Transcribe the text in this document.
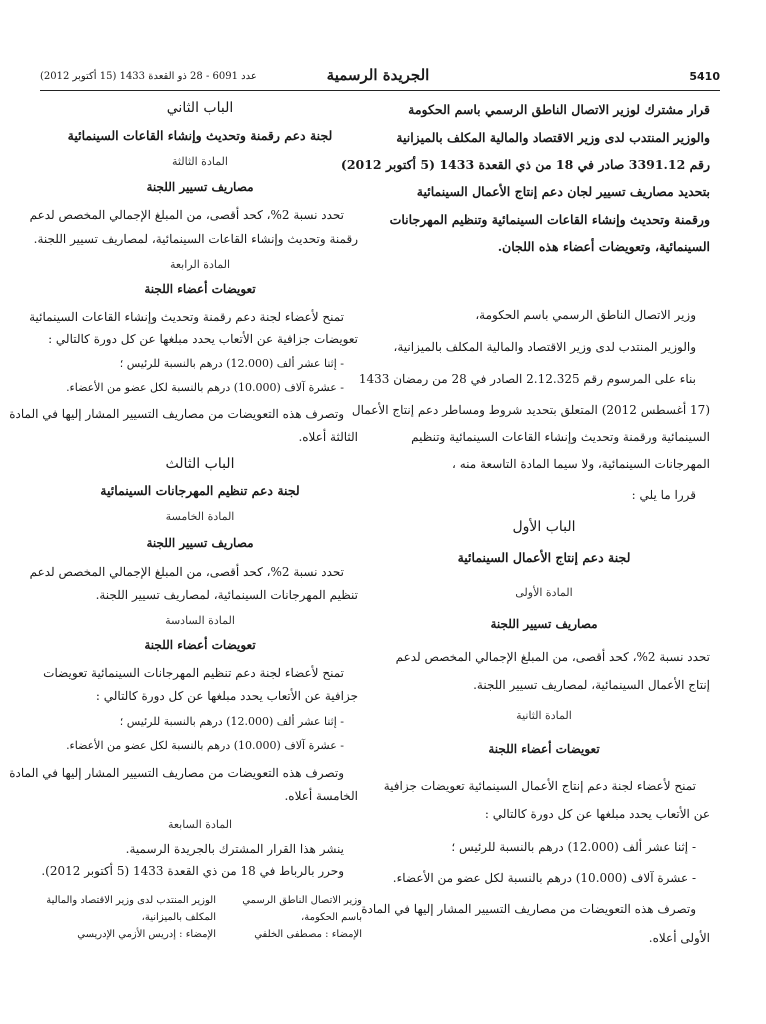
5410
الجريدة الرسمية
عدد 6091 - 28 ذو القعدة 1433 (15 أكتوبر 2012)
قرار مشترك لوزير الاتصال الناطق الرسمي باسم الحكومة
والوزير المنتدب لدى وزير الاقتصاد والمالية المكلف بالميزانية
رقم 3391.12 صادر في 18 من ذي القعدة 1433 (5 أكتوبر 2012)
بتحديد مصاريف تسيير لجان دعم إنتاج الأعمال السينمائية
ورقمنة وتحديث وإنشاء القاعات السينمائية وتنظيم المهرجانات
السينمائية، وتعويضات أعضاء هذه اللجان.
وزير الاتصال الناطق الرسمي باسم الحكومة،
والوزير المنتدب لدى وزير الاقتصاد والمالية المكلف بالميزانية،
بناء على المرسوم رقم 2.12.325 الصادر في 28 من رمضان 1433
(17 أغسطس 2012) المتعلق بتحديد شروط ومساطر دعم إنتاج الأعمال
السينمائية ورقمنة وتحديث وإنشاء القاعات السينمائية وتنظيم
المهرجانات السينمائية، ولا سيما المادة التاسعة منه ،
قررا ما يلي :
الباب الأول
لجنة دعم إنتاج الأعمال السينمائية
المادة الأولى
مصاريف تسيير اللجنة
تحدد نسبة 2%، كحد أقصى، من المبلغ الإجمالي المخصص لدعم
إنتاج الأعمال السينمائية، لمصاريف تسيير اللجنة.
المادة الثانية
تعويضات أعضاء اللجنة
تمنح لأعضاء لجنة دعم إنتاج الأعمال السينمائية تعويضات جزافية
عن الأتعاب يحدد مبلغها عن كل دورة كالتالي :
- إثنا عشر ألف (12.000) درهم بالنسبة للرئيس ؛
- عشرة آلاف (10.000) درهم بالنسبة لكل عضو من الأعضاء.
وتصرف هذه التعويضات من مصاريف التسيير المشار إليها في المادة
الأولى أعلاه.
الباب الثاني
لجنة دعم رقمنة وتحديث وإنشاء القاعات السينمائية
المادة الثالثة
مصاريف تسيير اللجنة
تحدد نسبة 2%، كحد أقصى، من المبلغ الإجمالي المخصص لدعم
رقمنة وتحديث وإنشاء القاعات السينمائية، لمصاريف تسيير اللجنة.
المادة الرابعة
تعويضات أعضاء اللجنة
تمنح لأعضاء لجنة دعم رقمنة وتحديث وإنشاء القاعات السينمائية
تعويضات جزافية عن الأتعاب يحدد مبلغها عن كل دورة كالتالي :
- إثنا عشر ألف (12.000) درهم بالنسبة للرئيس ؛
- عشرة آلاف (10.000) درهم بالنسبة لكل عضو من الأعضاء.
وتصرف هذه التعويضات من مصاريف التسيير المشار إليها في المادة
الثالثة أعلاه.
الباب الثالث
لجنة دعم تنظيم المهرجانات السينمائية
المادة الخامسة
مصاريف تسيير اللجنة
تحدد نسبة 2%، كحد أقصى، من المبلغ الإجمالي المخصص لدعم
تنظيم المهرجانات السينمائية، لمصاريف تسيير اللجنة.
المادة السادسة
تعويضات أعضاء اللجنة
تمنح لأعضاء لجنة دعم تنظيم المهرجانات السينمائية تعويضات
جزافية عن الأتعاب يحدد مبلغها عن كل دورة كالتالي :
- إثنا عشر ألف (12.000) درهم بالنسبة للرئيس ؛
- عشرة آلاف (10.000) درهم بالنسبة لكل عضو من الأعضاء.
وتصرف هذه التعويضات من مصاريف التسيير المشار إليها في المادة
الخامسة أعلاه.
المادة السابعة
ينشر هذا القرار المشترك بالجريدة الرسمية.
وحرر بالرباط في 18 من ذي القعدة 1433 (5 أكتوبر 2012).
وزير الاتصال الناطق الرسمي
باسم الحكومة،
الإمضاء : مصطفى الخلفي
الوزير المنتدب لدى وزير الاقتصاد والمالية
المكلف بالميزانية،
الإمضاء : إدريس الأزمي الإدريسي
